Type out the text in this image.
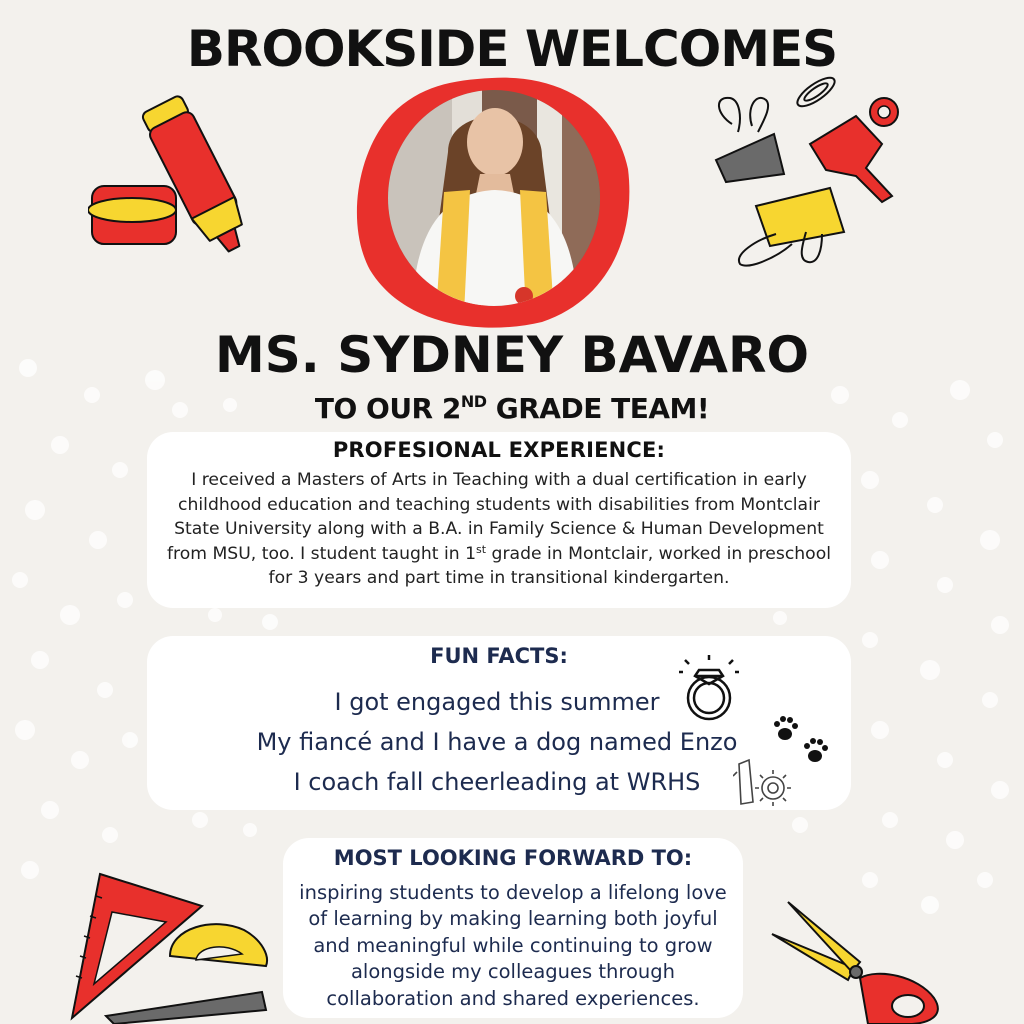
BROOKSIDE WELCOMES
MS. SYDNEY BAVARO
TO OUR 2ND GRADE TEAM!
PROFESIONAL EXPERIENCE:

I received a Masters of Arts in Teaching with a dual certification in early childhood education and teaching students with disabilities from Montclair State University along with a B.A. in Family Science & Human Development from MSU, too. I student taught in 1st grade in Montclair, worked in preschool for 3 years and part time in transitional kindergarten.

FUN FACTS:

I got engaged this summer

My fiancé and I have a dog named Enzo

I coach fall cheerleading at WRHS

MOST LOOKING FORWARD TO:

inspiring students to develop a lifelong love of learning by making learning both joyful and meaningful while continuing to grow alongside my colleagues through collaboration and shared experiences.
